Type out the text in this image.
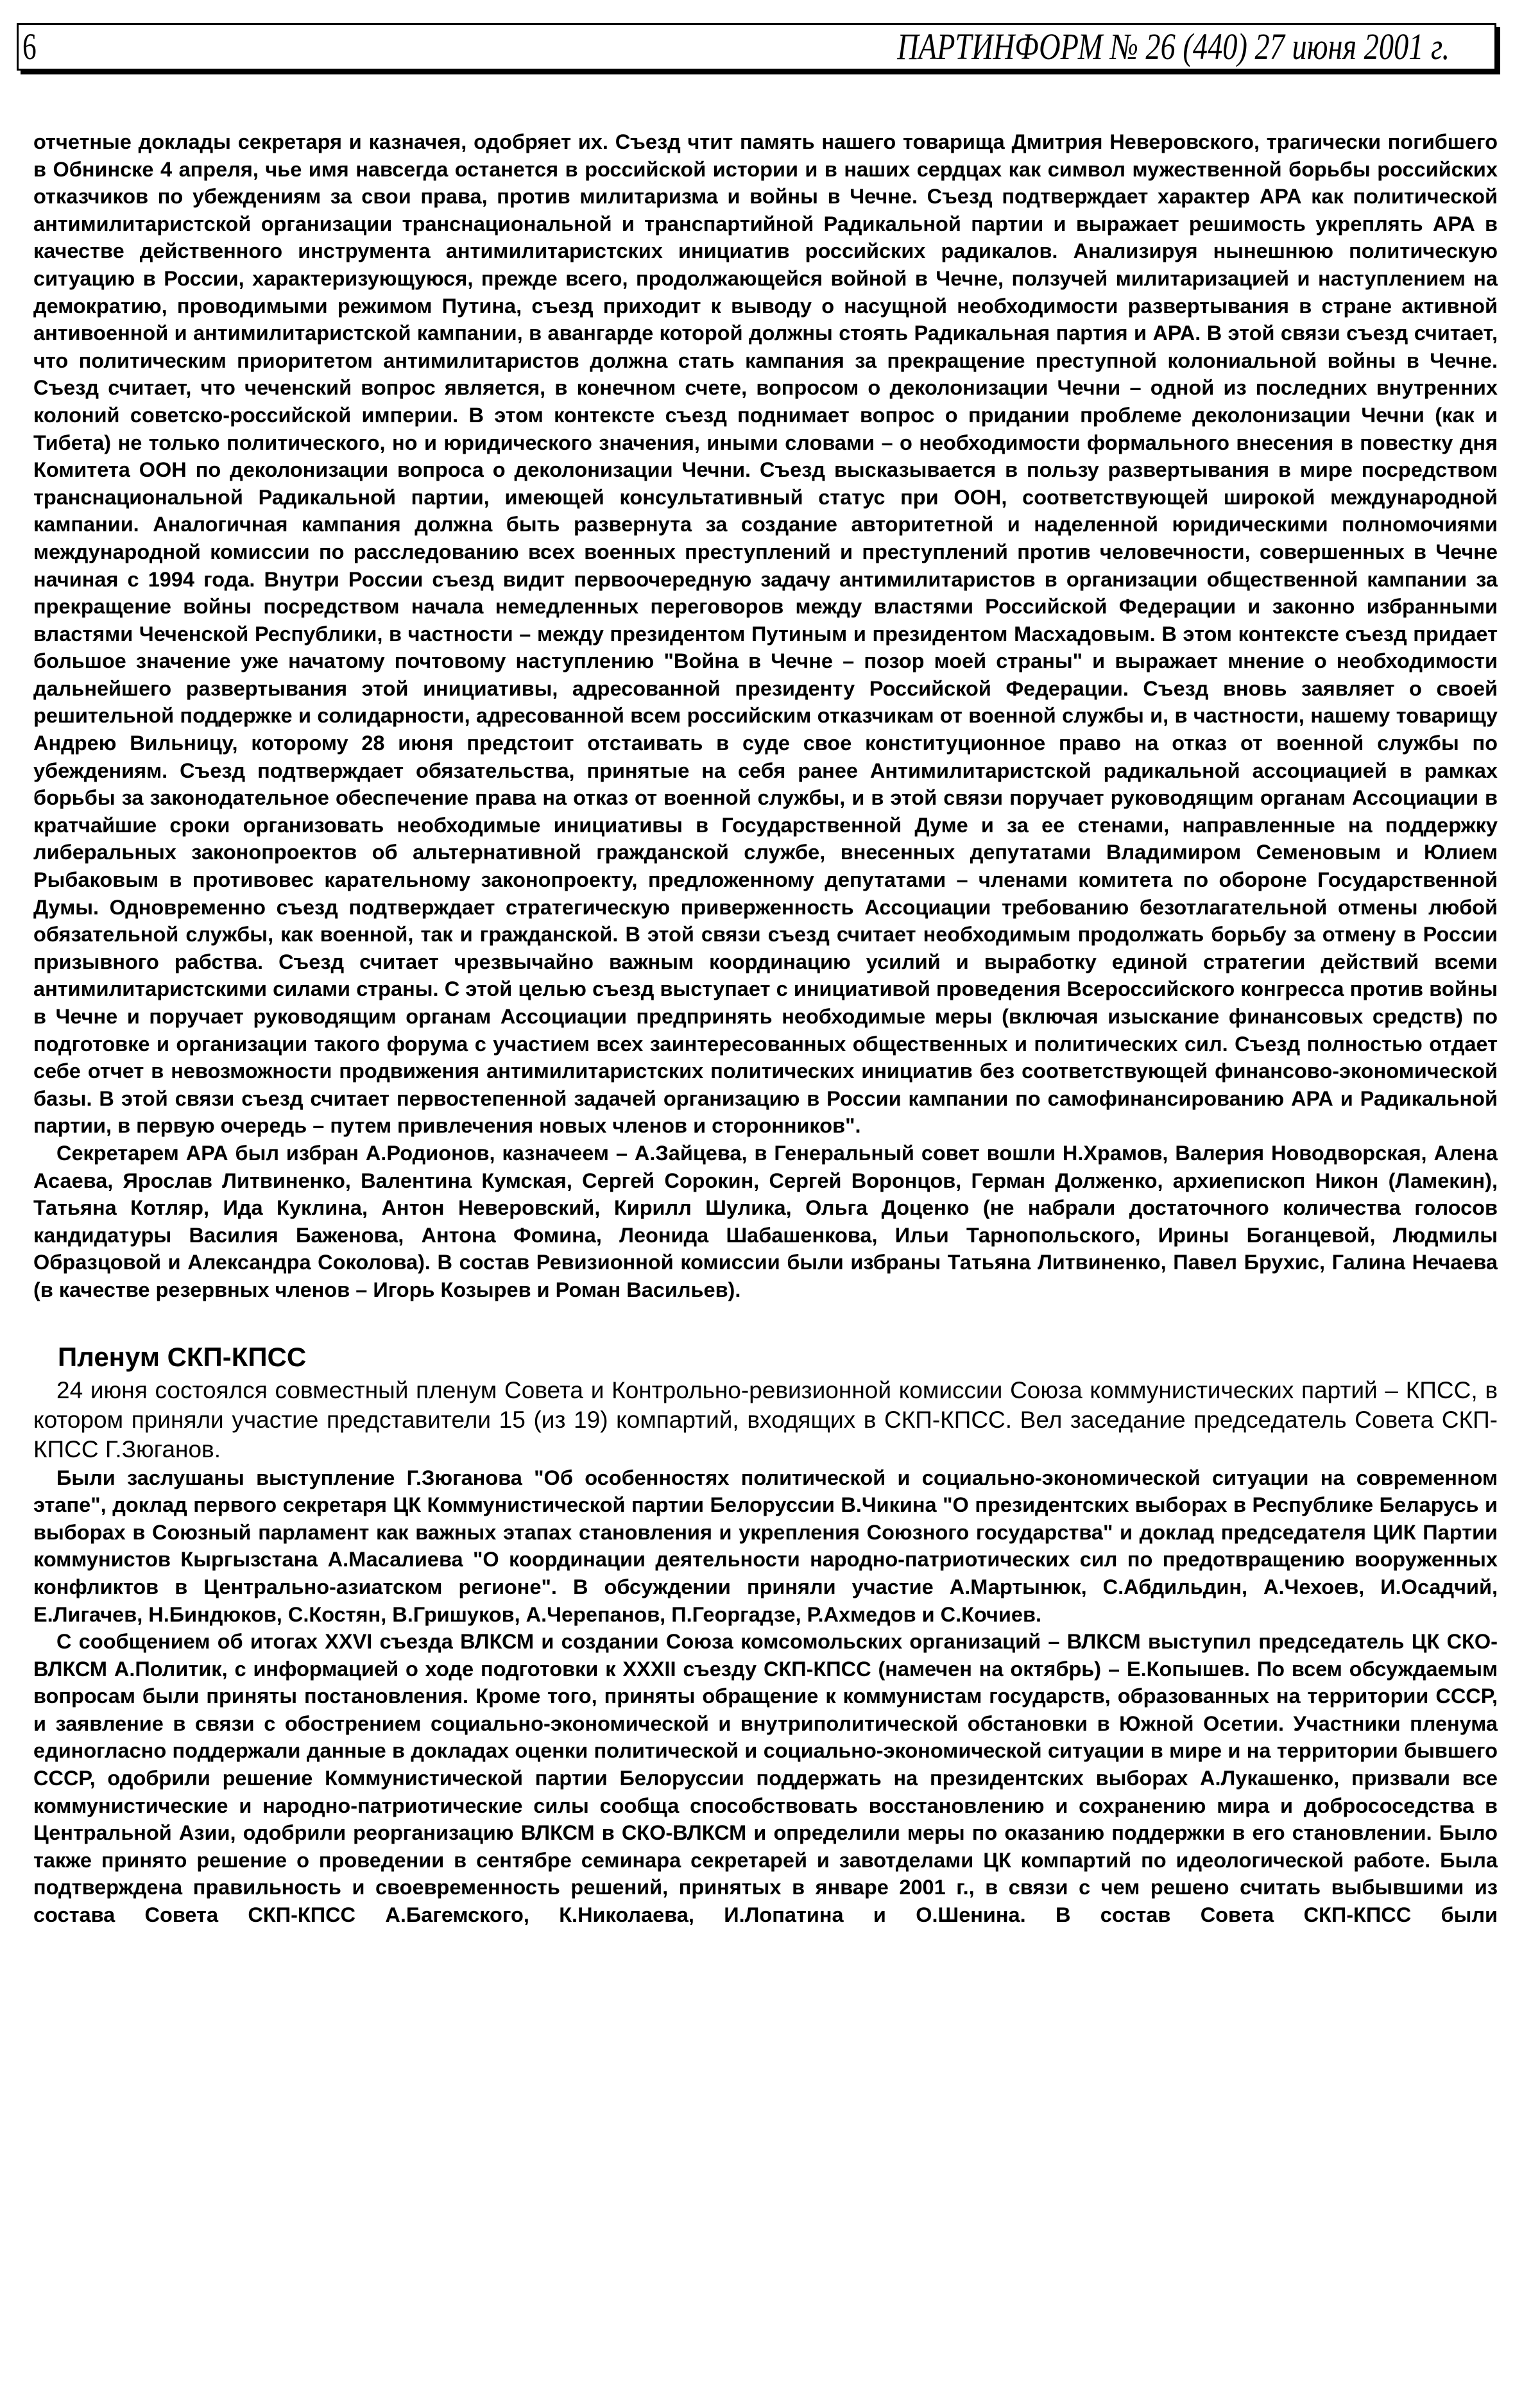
6	ПАРТИНФОРМ № 26 (440) 27 июня 2001 г.

отчетные доклады секретаря и казначея, одобряет их. Съезд чтит память нашего товарища Дмитрия Неверовского, трагически погибшего в Обнинске 4 апреля, чье имя навсегда останется в российской истории и в наших сердцах как символ мужественной борьбы российских отказчиков по убеждениям за свои права, против милитаризма и войны в Чечне. Съезд подтверждает характер АРА как политической антимилитаристской организации транснациональной и транспартийной Радикальной партии и выражает решимость укреплять АРА в качестве действенного инструмента антимилитаристских инициатив российских радикалов. Анализируя нынешнюю политическую ситуацию в России, характеризующуюся, прежде всего, продолжающейся войной в Чечне, ползучей милитаризацией и наступлением на демократию, проводимыми режимом Путина, съезд приходит к выводу о насущной необходимости развертывания в стране активной антивоенной и антимилитаристской кампании, в авангарде которой должны стоять Радикальная партия и АРА. В этой связи съезд считает, что политическим приоритетом антимилитаристов должна стать кампания за прекращение преступной колониальной войны в Чечне. Съезд считает, что чеченский вопрос является, в конечном счете, вопросом о деколонизации Чечни – одной из последних внутренних колоний советско-российской империи. В этом контексте съезд поднимает вопрос о придании проблеме деколонизации Чечни (как и Тибета) не только политического, но и юридического значения, иными словами – о необходимости формального внесения в повестку дня Комитета ООН по деколонизации вопроса о деколонизации Чечни. Съезд высказывается в пользу развертывания в мире посредством транснациональной Радикальной партии, имеющей консультативный статус при ООН, соответствующей широкой международной кампании. Аналогичная кампания должна быть развернута за создание авторитетной и наделенной юридическими полномочиями международной комиссии по расследованию всех военных преступлений и преступлений против человечности, совершенных в Чечне начиная с 1994 года. Внутри России съезд видит первоочередную задачу антимилитаристов в организации общественной кампании за прекращение войны посредством начала немедленных переговоров между властями Российской Федерации и законно избранными властями Чеченской Республики, в частности – между президентом Путиным и президентом Масхадовым. В этом контексте съезд придает большое значение уже начатому почтовому наступлению "Война в Чечне – позор моей страны" и выражает мнение о необходимости дальнейшего развертывания этой инициативы, адресованной президенту Российской Федерации. Съезд вновь заявляет о своей решительной поддержке и солидарности, адресованной всем российским отказчикам от военной службы и, в частности, нашему товарищу Андрею Вильницу, которому 28 июня предстоит отстаивать в суде свое конституционное право на отказ от военной службы по убеждениям. Съезд подтверждает обязательства, принятые на себя ранее Антимилитаристской радикальной ассоциацией в рамках борьбы за законодательное обеспечение права на отказ от военной службы, и в этой связи поручает руководящим органам Ассоциации в кратчайшие сроки организовать необходимые инициативы в Государственной Думе и за ее стенами, направленные на поддержку либеральных законопроектов об альтернативной гражданской службе, внесенных депутатами Владимиром Семеновым и Юлием Рыбаковым в противовес карательному законопроекту, предложенному депутатами – членами комитета по обороне Государственной Думы. Одновременно съезд подтверждает стратегическую приверженность Ассоциации требованию безотлагательной отмены любой обязательной службы, как военной, так и гражданской. В этой связи съезд считает необходимым продолжать борьбу за отмену в России призывного рабства. Съезд считает чрезвычайно важным координацию усилий и выработку единой стратегии действий всеми антимилитаристскими силами страны. С этой целью съезд выступает с инициативой проведения Всероссийского конгресса против войны в Чечне и поручает руководящим органам Ассоциации предпринять необходимые меры (включая изыскание финансовых средств) по подготовке и организации такого форума с участием всех заинтересованных общественных и политических сил. Съезд полностью отдает себе отчет в невозможности продвижения антимилитаристских политических инициатив без соответствующей финансово-экономической базы. В этой связи съезд считает первостепенной задачей организацию в России кампании по самофинансированию АРА и Радикальной партии, в первую очередь – путем привлечения новых членов и сторонников".

Секретарем АРА был избран А.Родионов, казначеем – А.Зайцева, в Генеральный совет вошли Н.Храмов, Валерия Новодворская, Алена Асаева, Ярослав Литвиненко, Валентина Кумская, Сергей Сорокин, Сергей Воронцов, Герман Долженко, архиепископ Никон (Ламекин), Татьяна Котляр, Ида Куклина, Антон Неверовский, Кирилл Шулика, Ольга Доценко (не набрали достаточного количества голосов кандидатуры Василия Баженова, Антона Фомина, Леонида Шабашенкова, Ильи Тарнопольского, Ирины Боганцевой, Людмилы Образцовой и Александра Соколова). В состав Ревизионной комиссии были избраны Татьяна Литвиненко, Павел Брухис, Галина Нечаева (в качестве резервных членов – Игорь Козырев и Роман Васильев).

Пленум СКП-КПСС

24 июня состоялся совместный пленум Совета и Контрольно-ревизионной комиссии Союза коммунистических партий – КПСС, в котором приняли участие представители 15 (из 19) компартий, входящих в СКП-КПСС. Вел заседание председатель Совета СКП-КПСС Г.Зюганов.

Были заслушаны выступление Г.Зюганова "Об особенностях политической и социально-экономической ситуации на современном этапе", доклад первого секретаря ЦК Коммунистической партии Белоруссии В.Чикина "О президентских выборах в Республике Беларусь и выборах в Союзный парламент как важных этапах становления и укрепления Союзного государства" и доклад председателя ЦИК Партии коммунистов Кыргызстана А.Масалиева "О координации деятельности народно-патриотических сил по предотвращению вооруженных конфликтов в Центрально-азиатском регионе". В обсуждении приняли участие А.Мартынюк, С.Абдильдин, А.Чехоев, И.Осадчий, Е.Лигачев, Н.Биндюков, С.Костян, В.Гришуков, А.Черепанов, П.Георгадзе, Р.Ахмедов и С.Кочиев.

С сообщением об итогах XXVI съезда ВЛКСМ и создании Союза комсомольских организаций – ВЛКСМ выступил председатель ЦК СКО-ВЛКСМ А.Политик, с информацией о ходе подготовки к XXXII съезду СКП-КПСС (намечен на октябрь) – Е.Копышев. По всем обсуждаемым вопросам были приняты постановления. Кроме того, приняты обращение к коммунистам государств, образованных на территории СССР, и заявление в связи с обострением социально-экономической и внутриполитической обстановки в Южной Осетии. Участники пленума единогласно поддержали данные в докладах оценки политической и социально-экономической ситуации в мире и на территории бывшего СССР, одобрили решение Коммунистической партии Белоруссии поддержать на президентских выборах А.Лукашенко, призвали все коммунистические и народно-патриотические силы сообща способствовать восстановлению и сохранению мира и добрососедства в Центральной Азии, одобрили реорганизацию ВЛКСМ в СКО-ВЛКСМ и определили меры по оказанию поддержки в его становлении. Было также принято решение о проведении в сентябре семинара секретарей и завотделами ЦК компартий по идеологической работе. Была подтверждена правильность и своевременность решений, принятых в январе 2001 г., в связи с чем решено считать выбывшими из состава Совета СКП-КПСС А.Багемского, К.Николаева, И.Лопатина и О.Шенина. В состав Совета СКП-КПСС были
